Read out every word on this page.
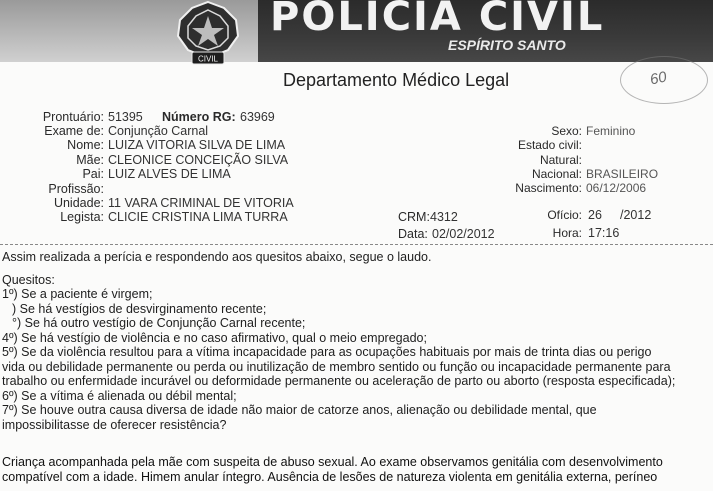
CIVIL
POLICIA CIVIL
ESPÍRITO SANTO
Departamento Médico Legal	60
Prontuário: 51395 Número RG: 63969
Exame de: Conjunção Carnal
Nome: LUIZA VITORIA SILVA DE LIMA
Mãe: CLEONICE CONCEIÇÃO SILVA
Pai: LUIZ ALVES DE LIMA
Profissão:
Unidade: 11 VARA CRIMINAL DE VITORIA
Legista: CLICIE CRISTINA LIMA TURRA	CRM: 4312
Data: 02/02/2012
Sexo: Feminino
Estado civil:
Natural:
Nacional: BRASILEIRO
Nascimento: 06/12/2006
Ofício: 26 /2012
Hora: 17:16
Assim realizada a perícia e respondendo aos quesitos abaixo, segue o laudo.
Quesitos:
1º) Se a paciente é virgem;
) Se há vestígios de desvirginamento recente;
°) Se há outro vestígio de Conjunção Carnal recente;
4º) Se há vestígio de violência e no caso afirmativo, qual o meio empregado;
5º) Se da violência resultou para a vítima incapacidade para as ocupações habituais por mais de trinta dias ou perigo
vida ou debilidade permanente ou perda ou inutilização de membro sentido ou função ou incapacidade permanente para
trabalho ou enfermidade incurável ou deformidade permanente ou aceleração de parto ou aborto (resposta especificada);
6º) Se a vítima é alienada ou débil mental;
7º) Se houve outra causa diversa de idade não maior de catorze anos, alienação ou debilidade mental, que
impossibilitasse de oferecer resistência?
Criança acompanhada pela mãe com suspeita de abuso sexual. Ao exame observamos genitália com desenvolvimento
compatível com a idade. Himem anular íntegro. Ausência de lesões de natureza violenta em genitália externa, períneo
